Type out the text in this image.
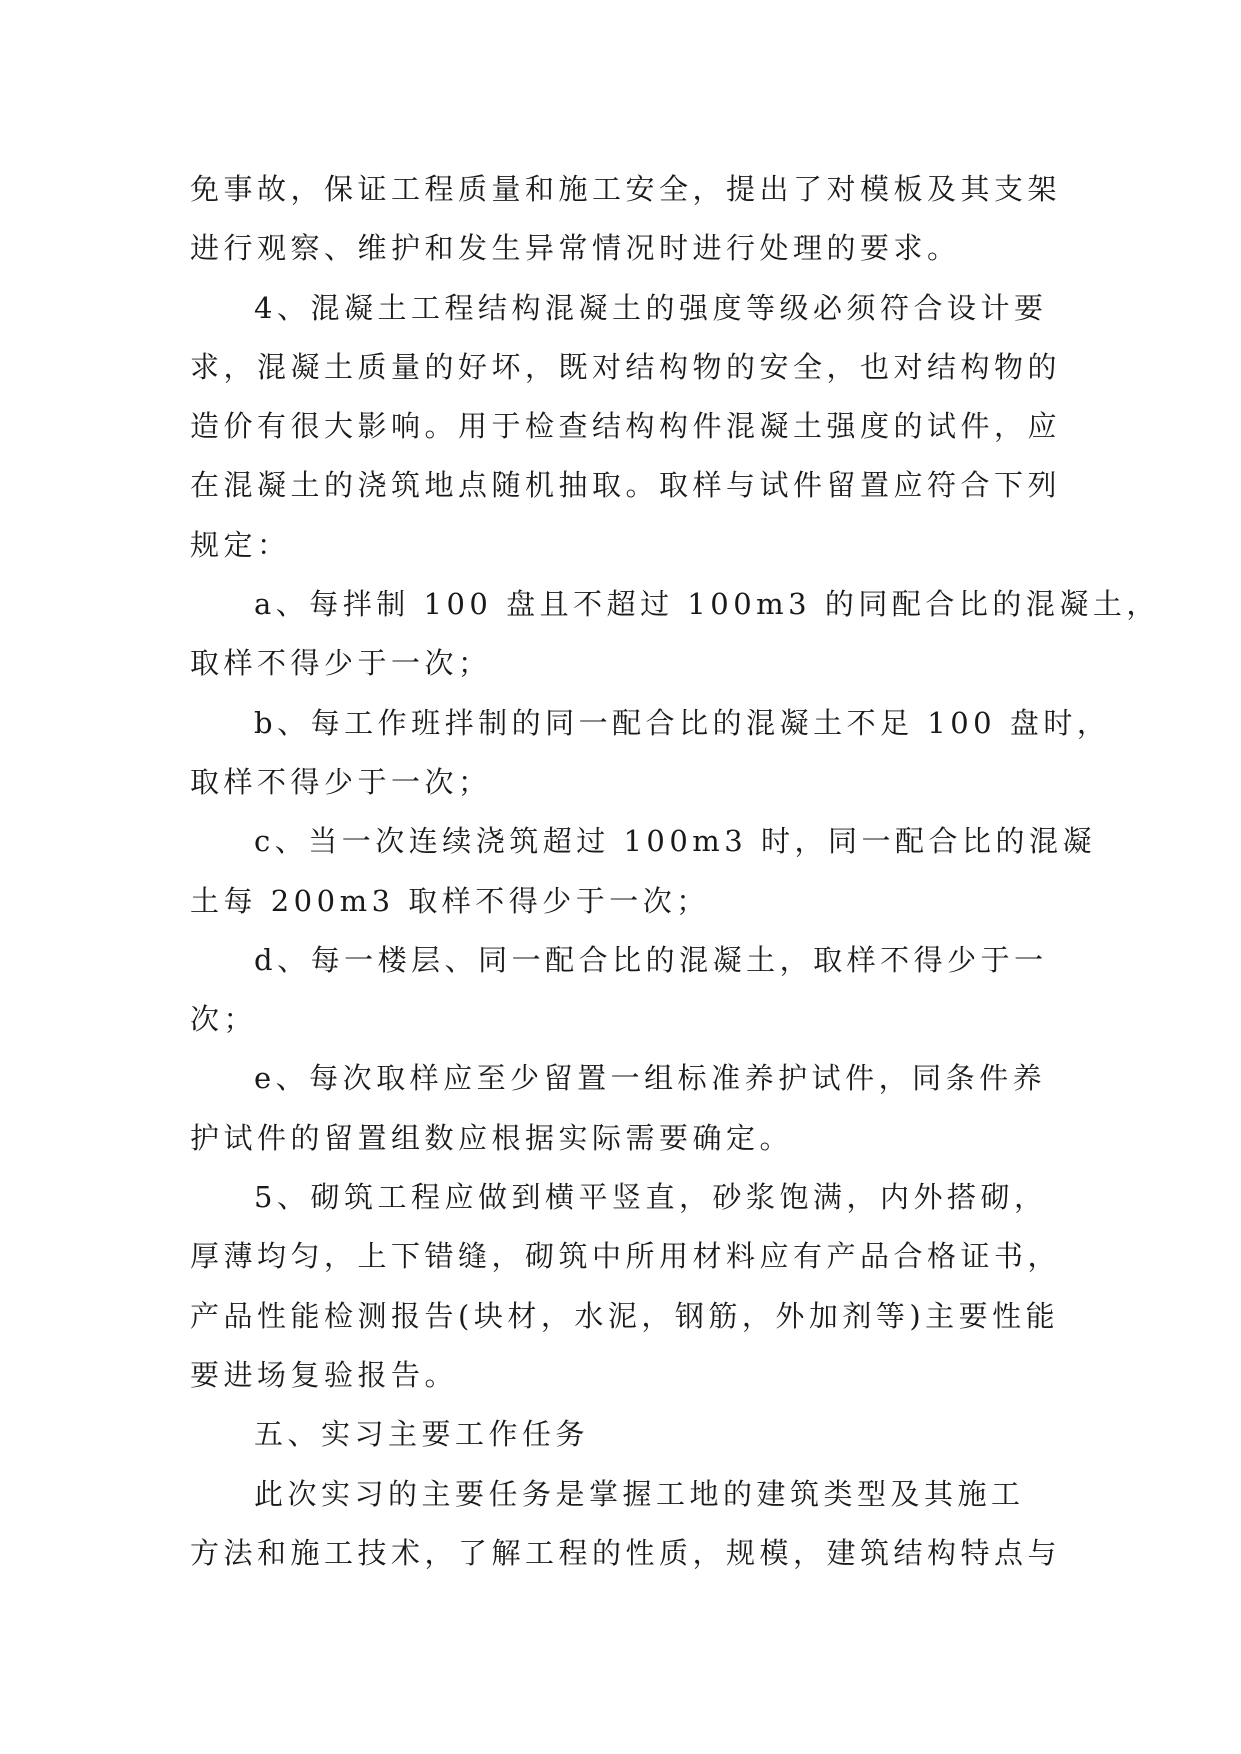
免事故，保证工程质量和施工安全，提出了对模板及其支架
进行观察、维护和发生异常情况时进行处理的要求。
4、混凝土工程结构混凝土的强度等级必须符合设计要
求，混凝土质量的好坏，既对结构物的安全，也对结构物的
造价有很大影响。用于检查结构构件混凝土强度的试件，应
在混凝土的浇筑地点随机抽取。取样与试件留置应符合下列
规定：
a、每拌制 100 盘且不超过 100m3 的同配合比的混凝土，
取样不得少于一次；
b、每工作班拌制的同一配合比的混凝土不足 100 盘时，
取样不得少于一次；
c、当一次连续浇筑超过 100m3 时，同一配合比的混凝
土每 200m3 取样不得少于一次；
d、每一楼层、同一配合比的混凝土，取样不得少于一
次；
e、每次取样应至少留置一组标准养护试件，同条件养
护试件的留置组数应根据实际需要确定。
5、砌筑工程应做到横平竖直，砂浆饱满，内外搭砌，
厚薄均匀，上下错缝，砌筑中所用材料应有产品合格证书，
产品性能检测报告(块材，水泥，钢筋，外加剂等)主要性能
要进场复验报告。
五、实习主要工作任务
此次实习的主要任务是掌握工地的建筑类型及其施工
方法和施工技术，了解工程的性质，规模，建筑结构特点与
